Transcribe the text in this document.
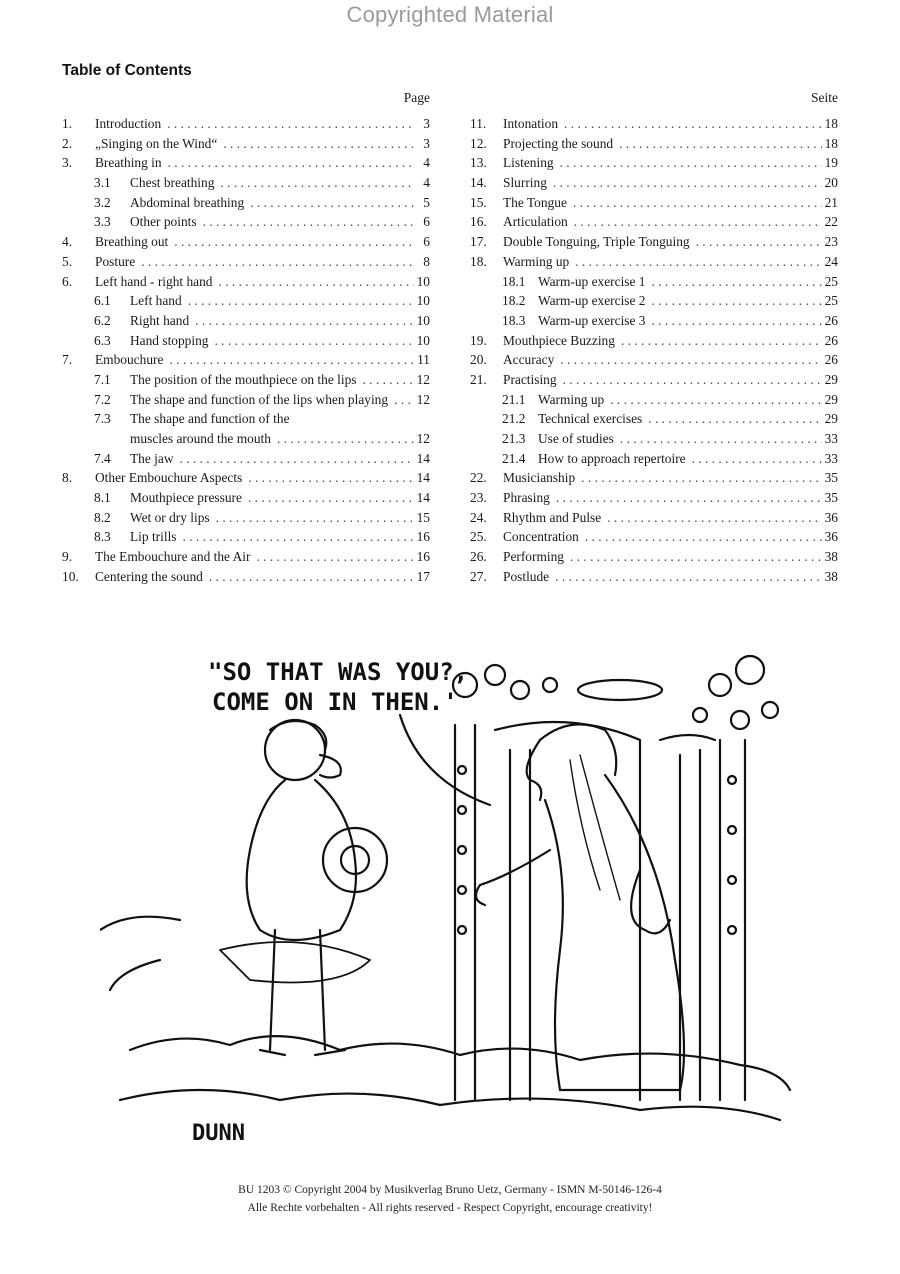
Copyrighted Material
Table of Contents
Page
1.	Introduction . . .	3
2.	„Singing on the Wind“ . . .	3
3.	Breathing in . . .	4
3.1	Chest breathing . . .	4
3.2	Abdominal breathing . . .	5
3.3	Other points . . .	6
4.	Breathing out . . .	6
5.	Posture . . .	8
6.	Left hand - right hand . . .	10
6.1	Left hand . . .	10
6.2	Right hand . . .	10
6.3	Hand stopping . . .	10
7.	Embouchure . . .	11
7.1	The position of the mouthpiece on the lips . . .	12
7.2	The shape and function of the lips when playing . . . 12
7.3	The shape and function of the
muscles around the mouth . . .	12
7.4	The jaw . . .	14
8.	Other Embouchure Aspects . . .	14
8.1	Mouthpiece pressure . . .	14
8.2	Wet or dry lips . . .	15
8.3	Lip trills . . .	16
9.	The Embouchure and the Air . . .	16
10.	Centering the sound . . .	17
Seite
11.	Intonation . . .	18
12.	Projecting the sound . . .	18
13.	Listening . . .	19
14.	Slurring . . .	20
15.	The Tongue . . .	21
16.	Articulation . . .	22
17.	Double Tonguing, Triple Tonguing . . .	23
18.	Warming up . . .	24
18.1 Warm-up exercise 1 . . .	25
18.2 Warm-up exercise 2 . . .	25
18.3 Warm-up exercise 3 . . .	26
19.	Mouthpiece Buzzing . . .	26
20.	Accuracy . . .	26
21.	Practising . . .	29
21.1 Warming up . . .	29
21.2 Technical exercises . . .	29
21.3 Use of studies . . .	33
21.4 How to approach repertoire . . .	33
22.	Musicianship . . .	35
23.	Phrasing . . .	35
24.	Rhythm and Pulse . . .	36
25.	Concentration . . .	36
26.	Performing . . .	38
27.	Postlude . . .	38
"SO THAT WAS YOU?,
COME ON IN THEN.'
DUNN
BU 1203 © Copyright 2004 by Musikverlag Bruno Uetz, Germany - ISMN M-50146-126-4
Alle Rechte vorbehalten - All rights reserved - Respect Copyright, encourage creativity!
